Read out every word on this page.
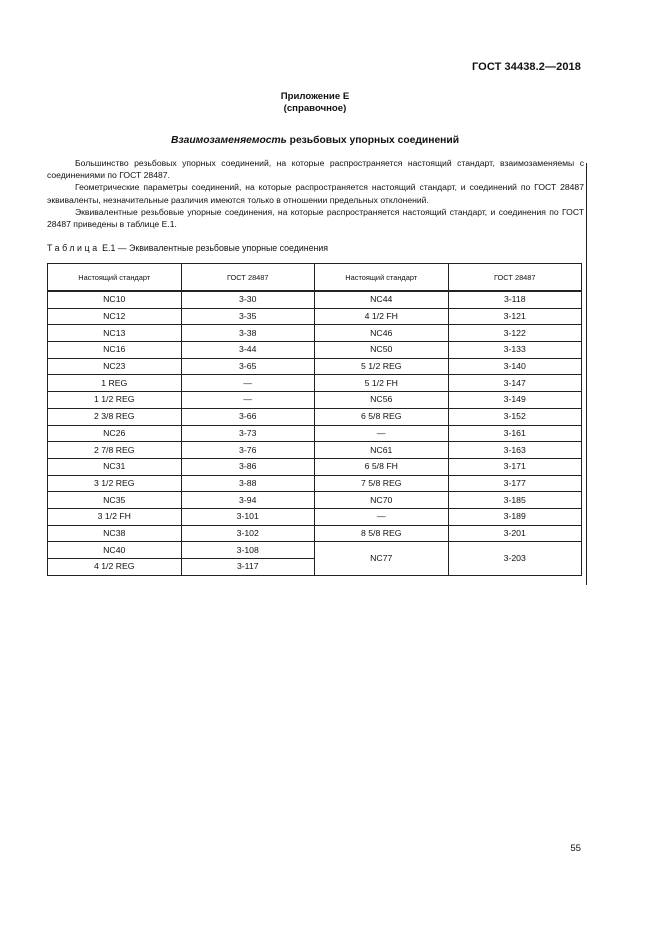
ГОСТ 34438.2—2018
Приложение Е
(справочное)
Взаимозаменяемость резьбовых упорных соединений

Большинство резьбовых упорных соединений, на которые распространяется настоящий стандарт, взаимозаменяемы с соединениями по ГОСТ 28487.

Геометрические параметры соединений, на которые распространяется настоящий стандарт, и соединений по ГОСТ 28487 эквиваленты, незначительные различия имеются только в отношении предельных отклонений.

Эквивалентные резьбовые упорные соединения, на которые распространяется настоящий стандарт, и соединения по ГОСТ 28487 приведены в таблице Е.1.

Таблица Е.1 — Эквивалентные резьбовые упорные соединения
Настоящий стандарт	ГОСТ 28487	Настоящий стандарт	ГОСТ 28487
NC10	3-30	NC44	3-118
NC12	3-35	4 1/2 FH	3-121
NC13	3-38	NC46	3-122
NC16	3-44	NC50	3-133
NC23	3-65	5 1/2 REG	3-140
1 REG	—	5 1/2 FH	3-147
1 1/2 REG	—	NC56	3-149
2 3/8 REG	3-66	6 5/8 REG	3-152
NC26	3-73	—	3-161
2 7/8 REG	3-76	NC61	3-163
NC31	3-86	6 5/8 FH	3-171
3 1/2 REG	3-88	7 5/8 REG	3-177
NC35	3-94	NC70	3-185
3 1/2 FH	3-101	—	3-189
NC38	3-102	8 5/8 REG	3-201
NC40	3-108	NC77	3-203
4 1/2 REG	3-117		
55
